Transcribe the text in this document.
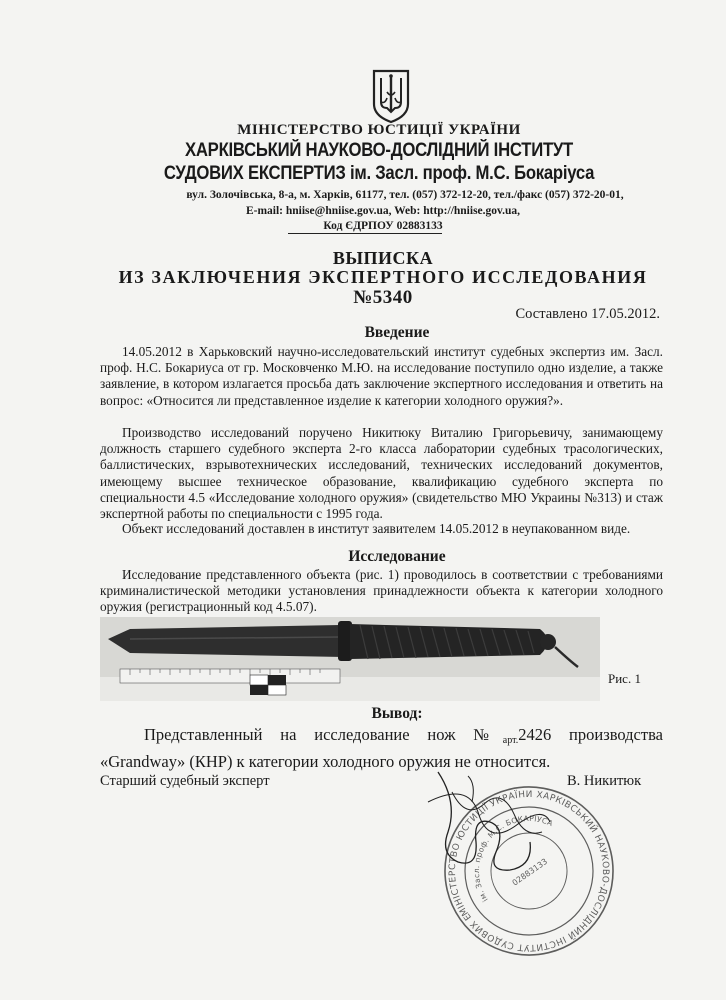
МІНІСТЕРСТВО ЮСТИЦІЇ УКРАЇНИ
ХАРКІВСЬКИЙ НАУКОВО-ДОСЛІДНИЙ ІНСТИТУТ
СУДОВИХ ЕКСПЕРТИЗ ім. Засл. проф. М.С. Бокаріуса
вул. Золочівська, 8-а, м. Харків, 61177, тел. (057) 372-12-20, тел./факс (057) 372-20-01,
E-mail: hniise@hniise.gov.ua, Web: http://hniise.gov.ua,
Код ЄДРПОУ 02883133
ВЫПИСКА
ИЗ ЗАКЛЮЧЕНИЯ ЭКСПЕРТНОГО ИССЛЕДОВАНИЯ
№5340
Составлено 17.05.2012.
Введение
14.05.2012 в Харьковский научно-исследовательский институт судебных экспертиз им. Засл. проф. Н.С. Бокариуса от гр. Московченко М.Ю. на исследование поступило одно изделие, а также заявление, в котором излагается просьба дать заключение экспертного исследования и ответить на вопрос: «Относится ли представленное изделие к категории холодного оружия?».
Производство исследований поручено Никитюку Виталию Григорьевичу, занимающему должность старшего судебного эксперта 2-го класса лаборатории судебных трасологических, баллистических, взрывотехнических исследований, технических исследований документов, имеющему высшее техническое образование, квалификацию судебного эксперта по специальности 4.5 «Исследование холодного оружия» (свидетельство МЮ Украины №313) и стаж экспертной работы по специальности с 1995 года.
Объект исследований доставлен в институт заявителем 14.05.2012 в неупакованном виде.
Исследование
Исследование представленного объекта (рис. 1) проводилось в соответствии с требованиями криминалистической методики установления принадлежности объекта к категории холодного оружия (регистрационный код 4.5.07).
Рис. 1
Вывод:
Представленный на исследование нож $№_{арт.}2426$ производства «Grandway» (КНР) к категории холодного оружия не относится.
Старший судебный эксперт	В. Никитюк
МІНІСТЕРСТВО ЮСТИЦІЇ УКРАЇНИ ХАРКІВСЬКИЙ НАУКОВО-ДОСЛІДНИЙ ІНСТИТУТ СУДОВИХ ЕКСПЕРТИЗ
ім. Засл. проф. М.С. БОКАРІУСА
02883133
